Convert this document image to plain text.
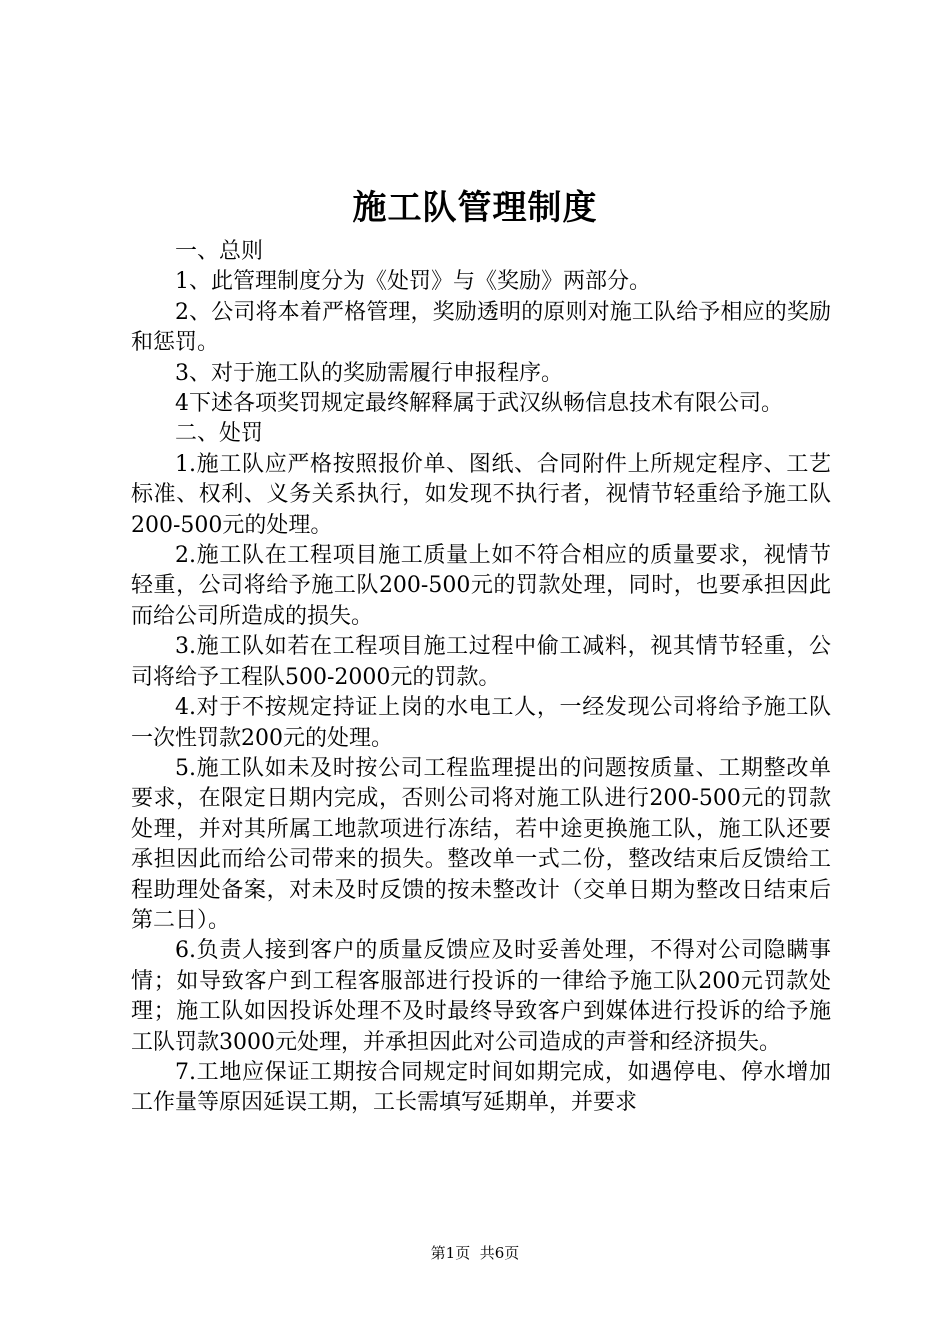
施工队管理制度

一、总则

1、此管理制度分为《处罚》与《奖励》两部分。

2、公司将本着严格管理，奖励透明的原则对施工队给予相应的奖励和惩罚。

3、对于施工队的奖励需履行申报程序。

4下述各项奖罚规定最终解释属于武汉纵畅信息技术有限公司。

二、处罚

1.施工队应严格按照报价单、图纸、合同附件上所规定程序、工艺标准、权利、义务关系执行，如发现不执行者，视情节轻重给予施工队200-500元的处理。

2.施工队在工程项目施工质量上如不符合相应的质量要求，视情节轻重，公司将给予施工队200-500元的罚款处理，同时，也要承担因此而给公司所造成的损失。

3.施工队如若在工程项目施工过程中偷工减料，视其情节轻重，公司将给予工程队500-2000元的罚款。

4.对于不按规定持证上岗的水电工人，一经发现公司将给予施工队一次性罚款200元的处理。

5.施工队如未及时按公司工程监理提出的问题按质量、工期整改单要求，在限定日期内完成，否则公司将对施工队进行200-500元的罚款处理，并对其所属工地款项进行冻结，若中途更换施工队，施工队还要承担因此而给公司带来的损失。整改单一式二份，整改结束后反馈给工程助理处备案，对未及时反馈的按未整改计（交单日期为整改日结束后第二日）。

6.负责人接到客户的质量反馈应及时妥善处理，不得对公司隐瞒事情；如导致客户到工程客服部进行投诉的一律给予施工队200元罚款处理；施工队如因投诉处理不及时最终导致客户到媒体进行投诉的给予施工队罚款3000元处理，并承担因此对公司造成的声誉和经济损失。

7.工地应保证工期按合同规定时间如期完成，如遇停电、停水增加工作量等原因延误工期，工长需填写延期单，并要求

第1页 共6页
